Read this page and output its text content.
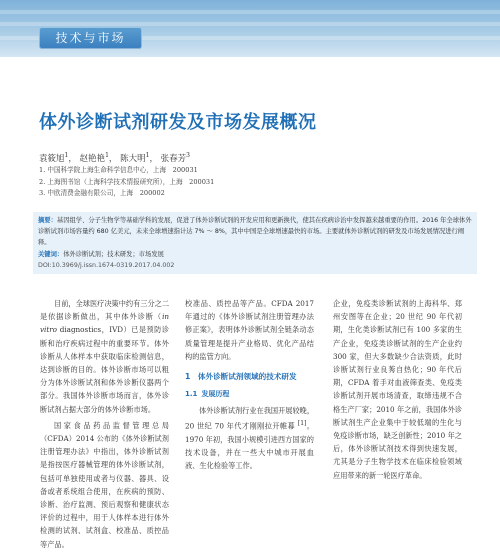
技术与市场
体外诊断试剂研发及市场发展概况
袁筱旭$^1$， 赵艳艳$^1$， 陈大明$^1$， 张春芳$^3$
1. 中国科学院上海生命科学信息中心，上海　200031
2. 上海图书馆（上海科学技术情报研究所），上海　200031
3. 中欧清费金融有限公司，上海　200002
摘要：基因组学、分子生物学等基础学科的发展，促进了体外诊断试剂的开发应用和更新换代，使其在疾病诊治中发挥越来越重要的作用。2016 年全球体外诊断试剂市场容量约 680 亿美元，未来全球增速指计达 7% ～ 8%，其中中国是全球增速最快的市场。主要就体外诊断试剂的研发及市场发展情况进行阐释。
关键词：体外诊断试剂；技术研发；市场发展
DOI:10.3969/j.issn.1674-0319.2017.04.002

目前，全球医疗决策中约有三分之二是依据诊断做出，其中体外诊断（in vitro diagnostics，IVD）已是预防诊断和治疗疾病过程中的重要环节。体外诊断从人体样本中获取临床检测信息，达到诊断的目的。体外诊断市场可以粗分为体外诊断试剂和体外诊断仪器两个部分。我国体外诊断市场而言，体外诊断试剂占据大部分的体外诊断市场。

国家食品药品监督管理总局（CFDA）2014 公布的《体外诊断试剂注册管理办法》中指出，体外诊断试剂是指按医疗器械管理的体外诊断试剂，包括可单独使用或者与仪器、器具、设备或者系统组合使用，在疾病的预防、诊断、治疗监测、预后观察和健康状态评价的过程中，用于人体样本进行体外检测的试剂、试剂盒、校准品、质控品等产品。

校准品、质控品等产品。CFDA 2017 年通过的《体外诊断试剂注册管理办法修正案》，表明体外诊断试剂全链条动态质量管理是提升产业格局、优化产品结构的监管方向。

1　体外诊断试剂领域的技术研发
1.1 发展历程

体外诊断试剂行业在我国开展较晚，20 世纪 70 年代才刚刚拉开帷幕 [1]。1970 年初，我国小规模引进西方国家的技术设备，并在一些大中城市开展血液、生化检验等工作。

企业，免疫类诊断试剂的上海科华、郑州安图等在企业；20 世纪 90 年代初期，生化类诊断试剂已有 100 多家的生产企业，免疫类诊断试剂的生产企业约 300 家，但大多数缺少合法资质，此时诊断试剂行业良莠自热化；90 年代后期，CFDA 着手对血液筛查类、免疫类诊断试剂开展市场清查，取缔违规不合格生产厂家；2010 年之前，我国体外诊断试剂生产企业集中于较低端的生化与免疫诊断市场，缺乏创新性；2010 年之后，体外诊断试剂技术得到快速发展，尤其是分子生物学技术在临床检验领域应用带来的新一轮医疗革命。
